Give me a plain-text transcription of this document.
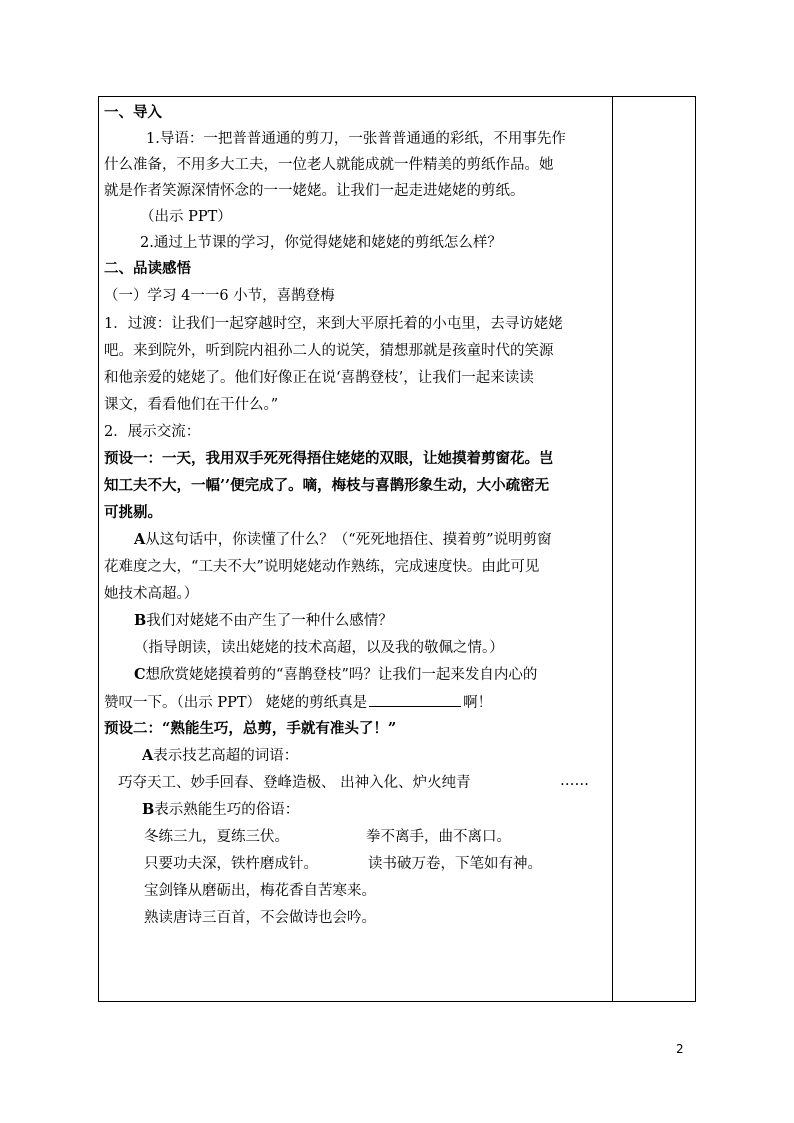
一、导入
1.导语：一把普普通通的剪刀，一张普普通通的彩纸，不用事先作
什么准备，不用多大工夫，一位老人就能成就一件精美的剪纸作品。她
就是作者笑源深情怀念的一一姥姥。让我们一起走进姥姥的剪纸。
（出示 PPT）
2.通过上节课的学习，你觉得姥姥和姥姥的剪纸怎么样？
二、品读感悟
（一）学习 4一一6 小节，喜鹊登梅
1．过渡：让我们一起穿越时空，来到大平原托着的小屯里，去寻访姥姥
吧。来到院外，听到院内祖孙二人的说笑，猜想那就是孩童时代的笑源
和他亲爱的姥姥了。他们好像正在说‘喜鹊登枝’，让我们一起来读读
课文，看看他们在干什么。”
2．展示交流：
预设一：一天，我用双手死死得捂住姥姥的双眼，让她摸着剪窗花。岂
知工夫不大，一幅’’便完成了。嘀，梅枝与喜鹊形象生动，大小疏密无
可挑剔。
A从这句话中，你读懂了什么？（“死死地捂住、摸着剪”说明剪窗
花难度之大，“工夫不大”说明姥姥动作熟练，完成速度快。由此可见
她技术高超。）
B我们对姥姥不由产生了一种什么感情？
（指导朗读，读出姥姥的技术高超，以及我的敬佩之情。）
C想欣赏姥姥摸着剪的“喜鹊登枝”吗？让我们一起来发自内心的
赞叹一下。（出示 PPT） 姥姥的剪纸真是	啊！
预设二：“熟能生巧，总剪，手就有准头了！”
A表示技艺高超的词语：
巧夺天工、妙手回春、登峰造极、 出神入化、炉火纯青	……
B表示熟能生巧的俗语：
冬练三九，夏练三伏。	拳不离手，曲不离口。
只要功夫深，铁杵磨成针。	读书破万卷，下笔如有神。
宝剑锋从磨砺出，梅花香自苦寒来。
熟读唐诗三百首，不会做诗也会吟。
2
